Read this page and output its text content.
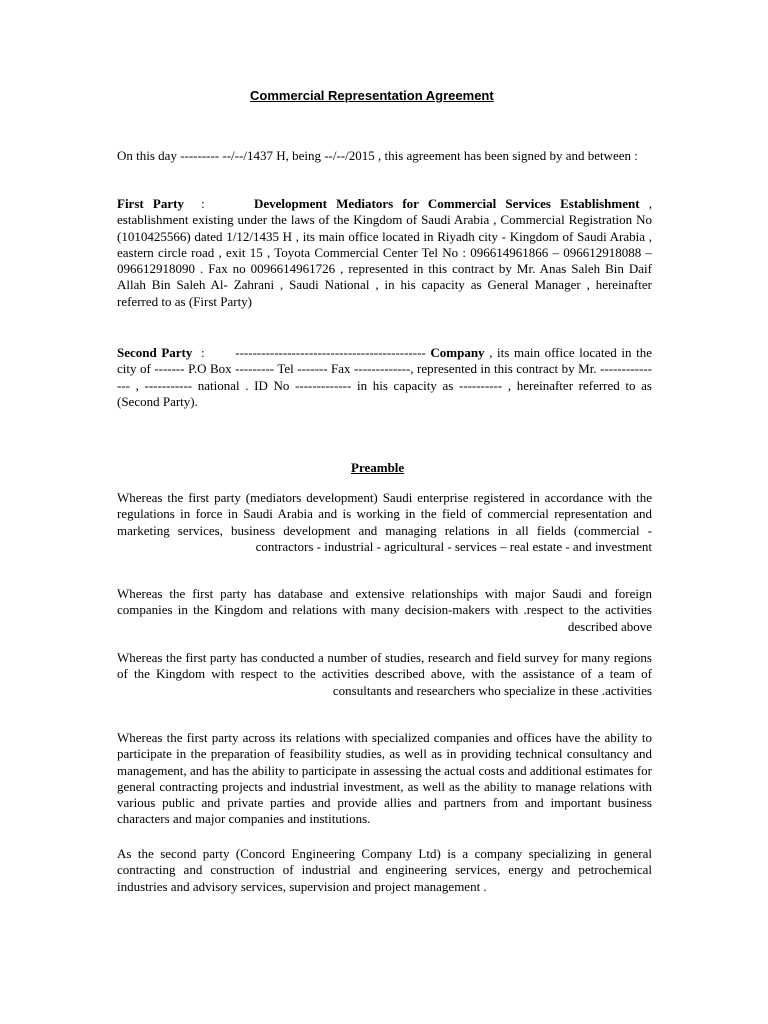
Commercial Representation Agreement
On this day --------- --/--/1437 H, being --/--/2015 , this agreement has been signed by and between :
First Party :	Development Mediators for Commercial Services Establishment , establishment existing under the laws of the Kingdom of Saudi Arabia , Commercial Registration No (1010425566) dated 1/12/1435 H , its main office located in Riyadh city - Kingdom of Saudi Arabia , eastern circle road , exit 15 , Toyota Commercial Center Tel No : 096614961866 – 096612918088 – 096612918090 . Fax no 0096614961726 , represented in this contract by Mr. Anas Saleh Bin Daif Allah Bin Saleh Al- Zahrani , Saudi National , in his capacity as General Manager , hereinafter referred to as (First Party)
Second Party : -------------------------------------------- Company , its main office located in the city of ------- P.O Box --------- Tel ------- Fax -------------, represented in this contract by Mr. --------------- , ----------- national . ID No ------------- in his capacity as ---------- , hereinafter referred to as (Second Party).
Preamble
Whereas the first party (mediators development) Saudi enterprise registered in accordance with the regulations in force in Saudi Arabia and is working in the field of commercial representation and marketing services, business development and managing relations in all fields (commercial - contractors - industrial - agricultural - services – real estate - and investment
Whereas the first party has database and extensive relationships with major Saudi and foreign companies in the Kingdom and relations with many decision-makers with .respect to the activities described above
Whereas the first party has conducted a number of studies, research and field survey for many regions of the Kingdom with respect to the activities described above, with the assistance of a team of consultants and researchers who specialize in these .activities
Whereas the first party across its relations with specialized companies and offices have the ability to participate in the preparation of feasibility studies, as well as in providing technical consultancy and management, and has the ability to participate in assessing the actual costs and additional estimates for general contracting projects and industrial investment, as well as the ability to manage relations with various public and private parties and provide allies and partners from and important business characters and major companies and institutions.
As the second party (Concord Engineering Company Ltd) is a company specializing in general contracting and construction of industrial and engineering services, energy and petrochemical industries and advisory services, supervision and project management .
